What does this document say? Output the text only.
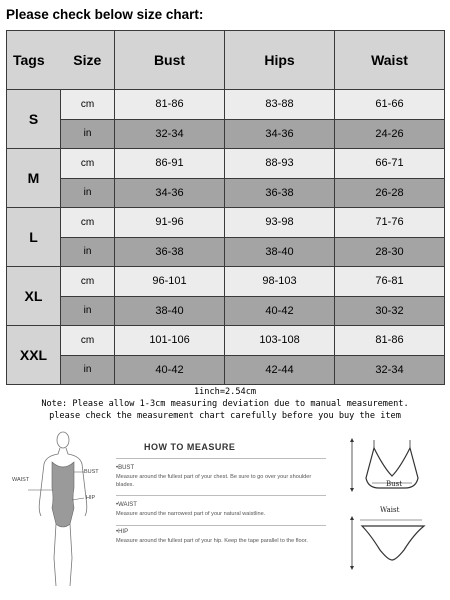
Please check below size chart:
Tags	Size	Bust	Hips	Waist
S	cm	81-86	83-88	61-66
	in	32-34	34-36	24-26
M	cm	86-91	88-93	66-71
	in	34-36	36-38	26-28
L	cm	91-96	93-98	71-76
	in	36-38	38-40	28-30
XL	cm	96-101	98-103	76-81
	in	38-40	40-42	30-32
XXL	cm	101-106	103-108	81-86
	in	40-42	42-44	32-34
1inch=2.54cm
Note: Please allow 1-3cm measuring deviation due to manual measurement.
please check the measurement chart carefully before you buy the item
BUST
WAIST
HIP
HOW TO MEASURE
•BUST
Measure around the fullest part of your chest. Be sure to go over your shoulder blades.
•WAIST
Measure around the narrowest part of your natural waistline.
•HIP
Measure around the fullest part of your hip. Keep the tape parallel to the floor.
Bust
Waist
